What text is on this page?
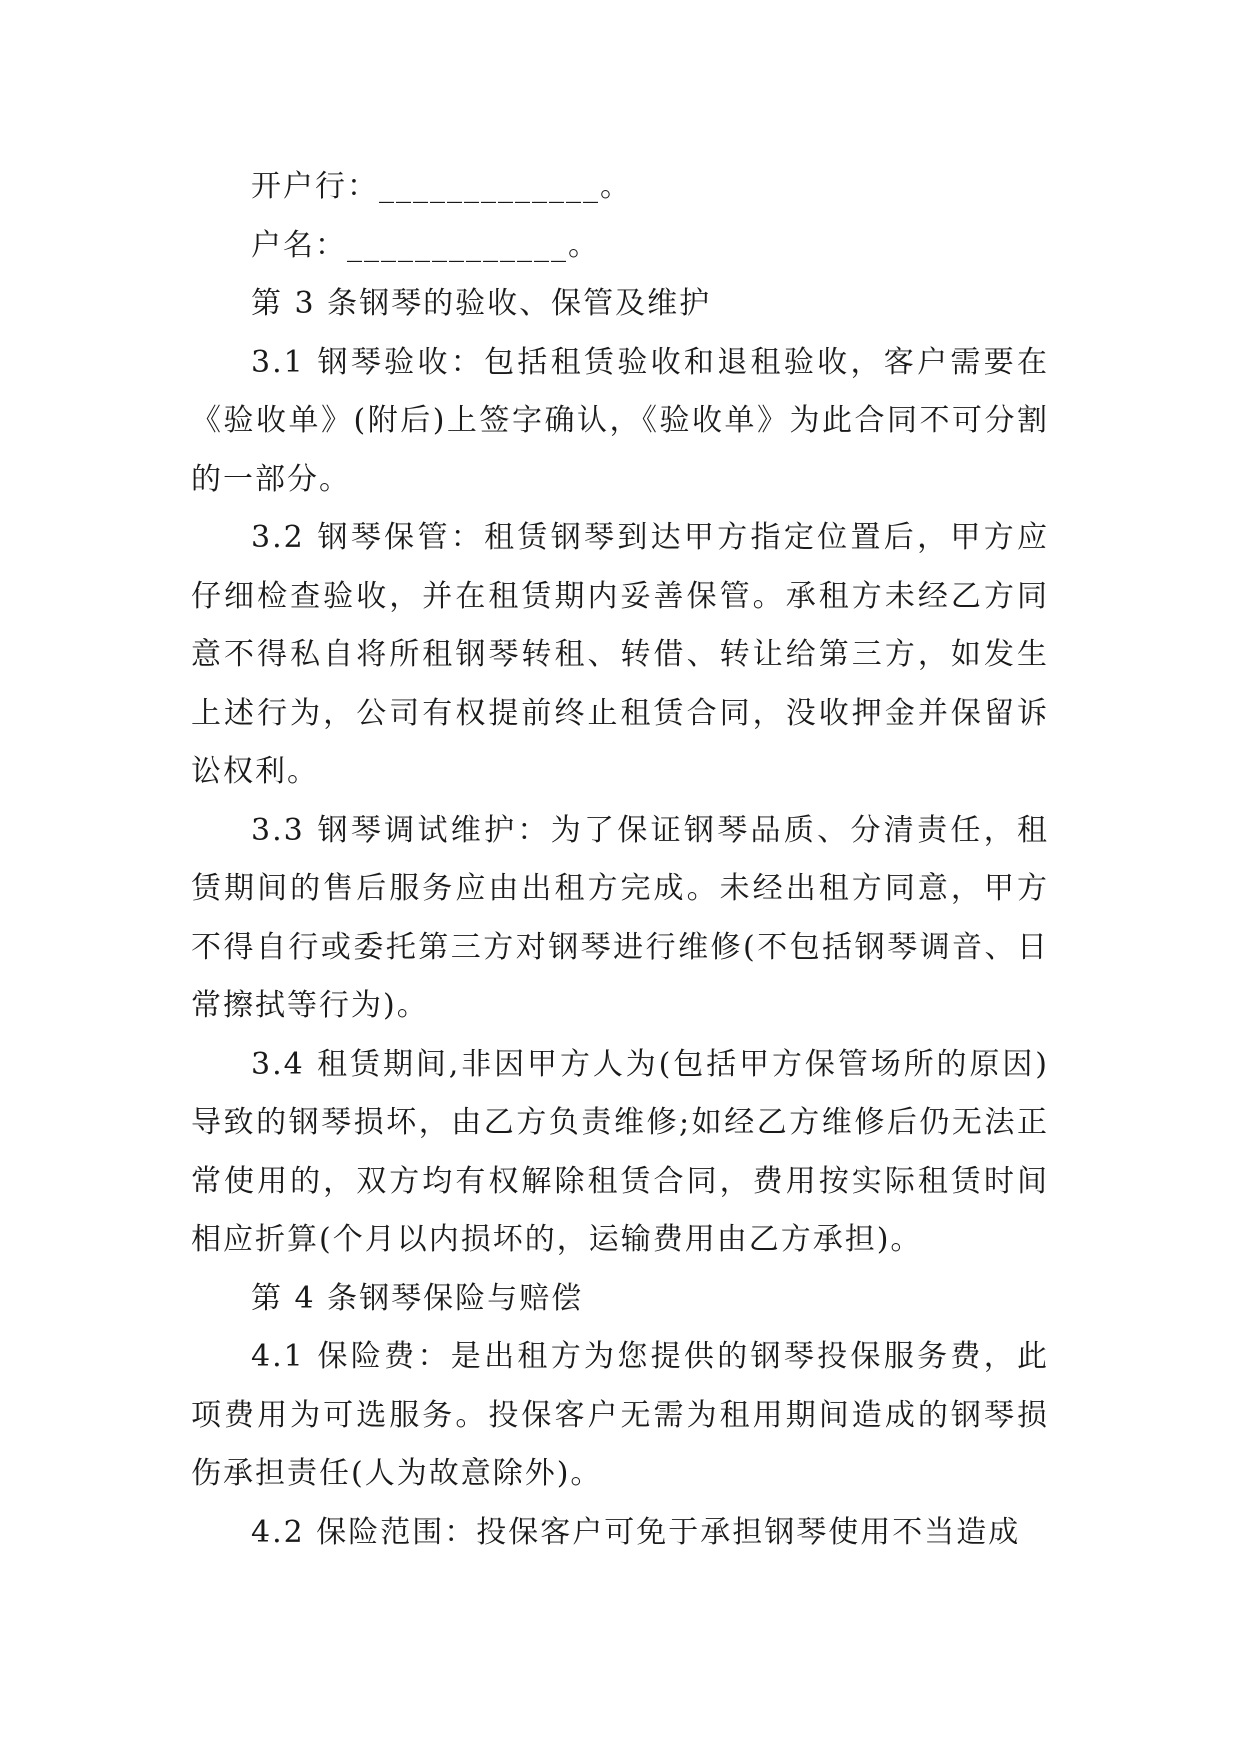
开户行：_____________。

户名：_____________。

第 3 条钢琴的验收、保管及维护

3.1 钢琴验收：包括租赁验收和退租验收，客户需要在《验收单》(附后)上签字确认，《验收单》为此合同不可分割的一部分。

3.2 钢琴保管：租赁钢琴到达甲方指定位置后，甲方应仔细检查验收，并在租赁期内妥善保管。承租方未经乙方同意不得私自将所租钢琴转租、转借、转让给第三方，如发生上述行为，公司有权提前终止租赁合同，没收押金并保留诉讼权利。

3.3 钢琴调试维护：为了保证钢琴品质、分清责任，租赁期间的售后服务应由出租方完成。未经出租方同意，甲方不得自行或委托第三方对钢琴进行维修(不包括钢琴调音、日常擦拭等行为)。

3.4 租赁期间,非因甲方人为(包括甲方保管场所的原因)导致的钢琴损坏，由乙方负责维修;如经乙方维修后仍无法正常使用的，双方均有权解除租赁合同，费用按实际租赁时间相应折算(个月以内损坏的，运输费用由乙方承担)。

第 4 条钢琴保险与赔偿

4.1 保险费：是出租方为您提供的钢琴投保服务费，此项费用为可选服务。投保客户无需为租用期间造成的钢琴损伤承担责任(人为故意除外)。

4.2 保险范围：投保客户可免于承担钢琴使用不当造成
